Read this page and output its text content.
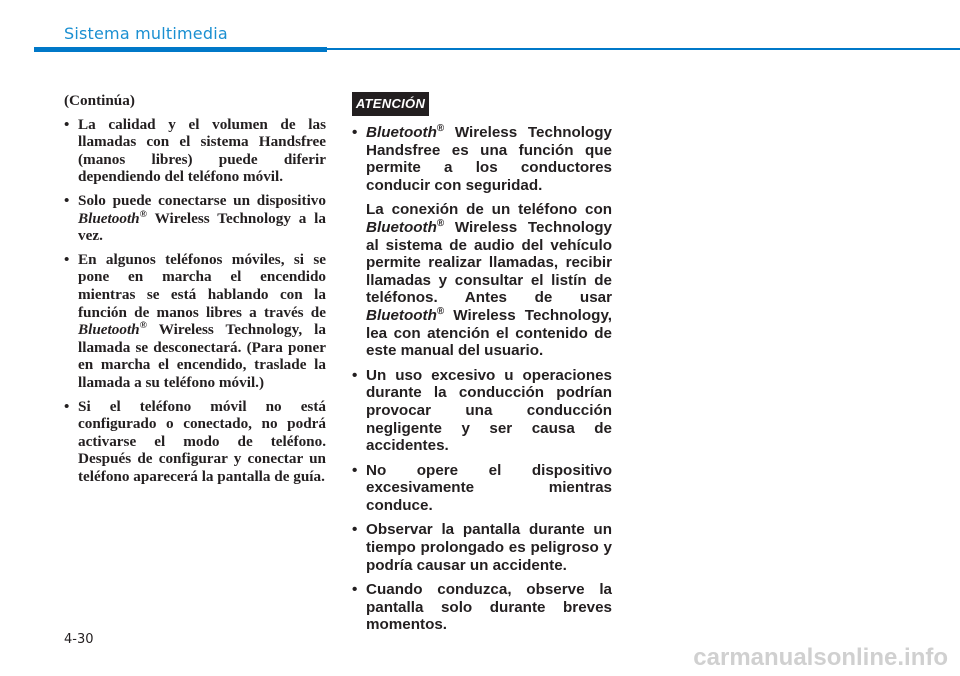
Sistema multimedia

(Continúa)

• La calidad y el volumen de las llamadas con el sistema Handsfree (manos libres) puede diferir dependiendo del teléfono móvil.
• Solo puede conectarse un dispositivo Bluetooth® Wireless Technology a la vez.
• En algunos teléfonos móviles, si se pone en marcha el encendido mientras se está hablando con la función de manos libres a través de Bluetooth® Wireless Technology, la llamada se desconectará. (Para poner en marcha el encendido, traslade la llamada a su teléfono móvil.)
• Si el teléfono móvil no está configurado o conectado, no podrá activarse el modo de teléfono. Después de configurar y conectar un teléfono aparecerá la pantalla de guía.
ATENCIÓN
• Bluetooth® Wireless Technology Handsfree es una función que permite a los conductores conducir con seguridad.
La conexión de un teléfono con Bluetooth® Wireless Technology al sistema de audio del vehículo permite realizar llamadas, recibir llamadas y consultar el listín de teléfonos. Antes de usar Bluetooth® Wireless Technology, lea con atención el contenido de este manual del usuario.
• Un uso excesivo u operaciones durante la conducción podrían provocar una conducción negligente y ser causa de accidentes.
• No opere el dispositivo excesivamente mientras conduce.
• Observar la pantalla durante un tiempo prolongado es peligroso y podría causar un accidente.
• Cuando conduzca, observe la pantalla solo durante breves momentos.
4-30
carmanualsonline.info
